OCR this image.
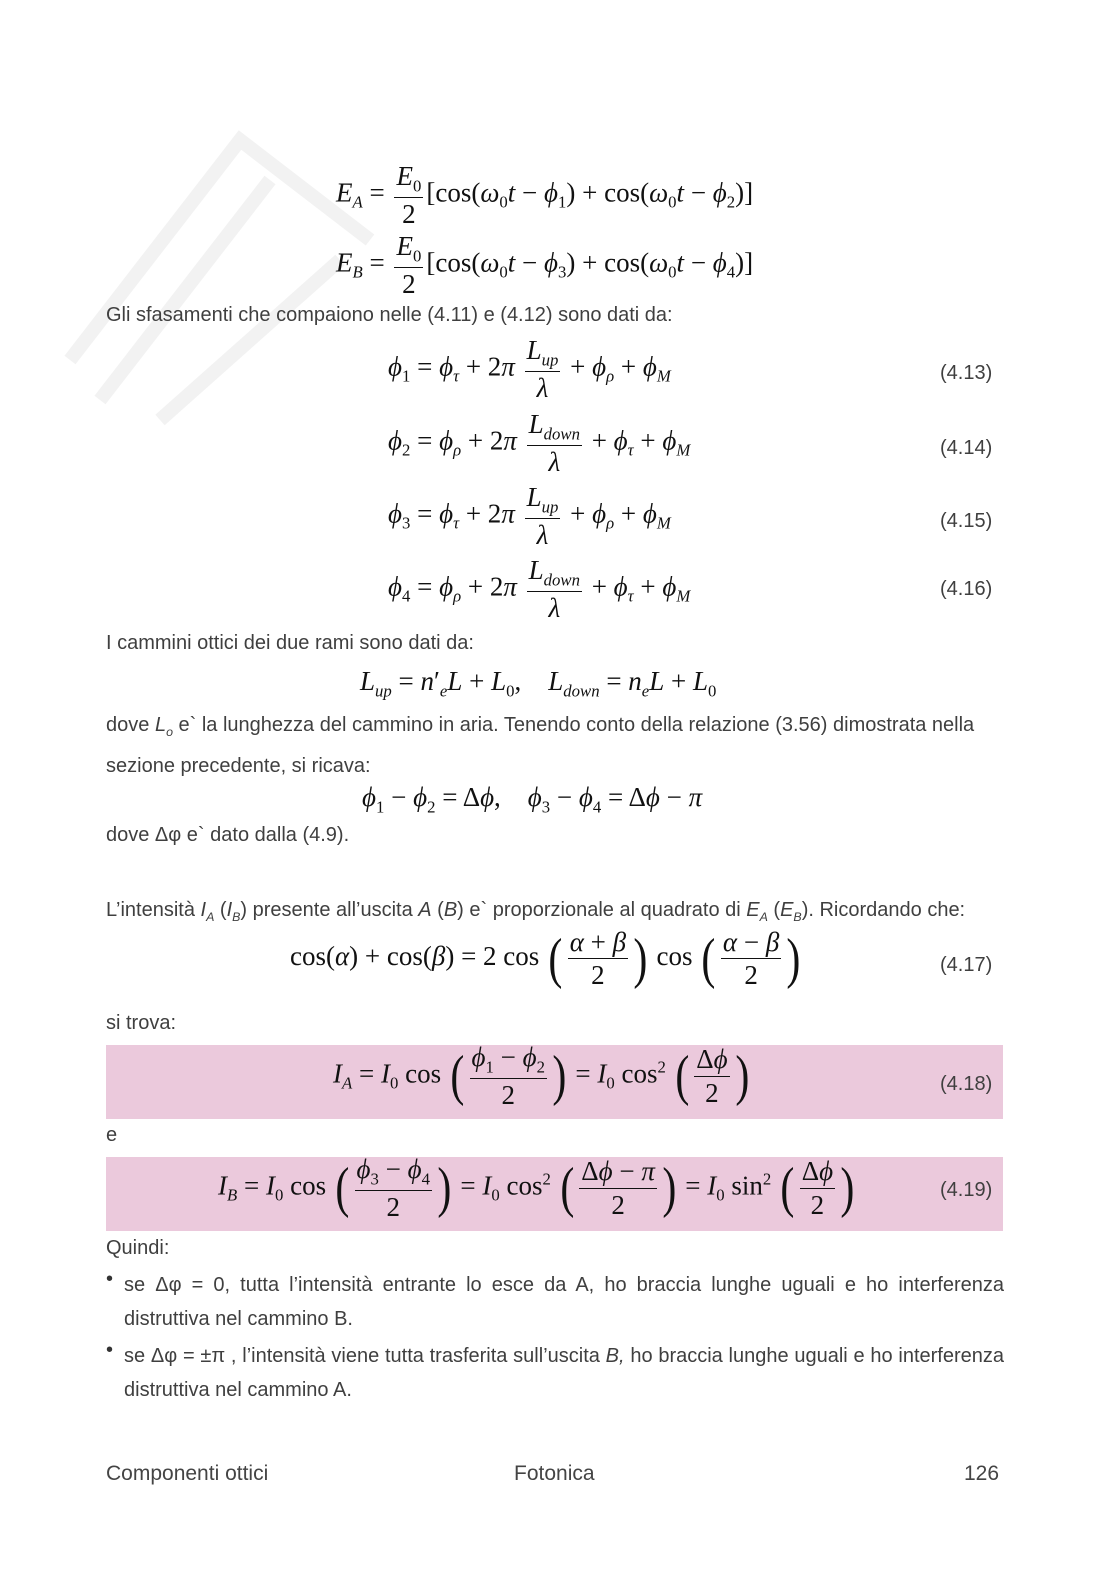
$E_A = \frac{E_0}{2} [\cos(\omega_0t - \phi_1) + \cos(\omega_0t - \phi_2)]$
$E_B = \frac{E_0}{2} [\cos(\omega_0t - \phi_3) + \cos(\omega_0t - \phi_4)]$
Gli sfasamenti che compaiono nelle (4.11) e (4.12) sono dati da:
$\phi_1 = \phi_\tau + 2\pi \frac{L_{up}}{\lambda} + \phi_\rho + \phi_M$	(4.13)
$\phi_2 = \phi_\rho + 2\pi \frac{L_{down}}{\lambda} + \phi_\tau + \phi_M$	(4.14)
$\phi_3 = \phi_\tau + 2\pi \frac{L_{up}}{\lambda} + \phi_\rho + \phi_M$	(4.15)
$\phi_4 = \phi_\rho + 2\pi \frac{L_{down}}{\lambda} + \phi_\tau + \phi_M$	(4.16)
I cammini ottici dei due rami sono dati da:
$L_{up} = n'_eL + L_0$,    $L_{down} = n_eL + L_0$
dove $L_o$ e` la lunghezza del cammino in aria. Tenendo conto della relazione (3.56) dimostrata nella sezione precedente, si ricava:
$\phi_1 - \phi_2 = \Delta\phi$,    $\phi_3 - \phi_4 = \Delta\phi - \pi$
dove Δφ e` dato dalla (4.9).
L’intensità $I_A$ $(I_B)$ presente all’uscita A (B) e` proporzionale al quadrato di $E_A$ $(E_B)$. Ricordando che:
cos(α) + cos(β) = 2 cos ( $\frac{\alpha + \beta}{2}$ ) cos ( $\frac{\alpha - \beta}{2}$ )	(4.17)
si trova:
$I_A = I_0$ cos ( $\frac{\phi_1 - \phi_2}{2}$ ) = $I_0$ $\cos^2$ ( $\frac{\Delta\phi}{2}$ )	(4.18)
e
$I_B = I_0$ cos ( $\frac{\phi_3 - \phi_4}{2}$ ) = $I_0$ $\cos^2$ ( $\frac{\Delta\phi - \pi}{2}$ ) = $I_0$ $\sin^2$ ( $\frac{\Delta\phi}{2}$ )	(4.19)
Quindi:
• se Δφ = 0, tutta l’intensità entrante lo esce da A, ho braccia lunghe uguali e ho interferenza distruttiva nel cammino B.
• se Δφ = ±π , l’intensità viene tutta trasferita sull’uscita B, ho braccia lunghe uguali e ho interferenza distruttiva nel cammino A.
Componenti ottici	Fotonica	126
